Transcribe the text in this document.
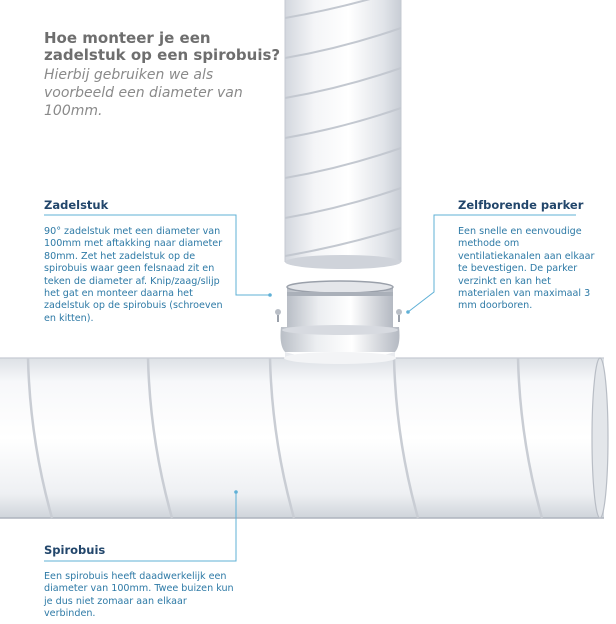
Hoe monteer je een zadelstuk op een spirobuis?
Hierbij gebruiken we als voorbeeld een diameter van 100mm.
Zadelstuk
90° zadelstuk met een diameter van 100mm met aftakking naar diameter 80mm. Zet het zadelstuk op de spirobuis waar geen felsnaad zit en teken de diameter af. Knip/zaag/slijp het gat en monteer daarna het zadelstuk op de spirobuis (schroeven en kitten).
Zelfborende parker
Een snelle en eenvoudige methode om ventilatiekanalen aan elkaar te bevestigen. De parker verzinkt en kan het materialen van maximaal 3 mm doorboren.
Spirobuis
Een spirobuis heeft daadwerkelijk een diameter van 100mm. Twee buizen kun je dus niet zomaar aan elkaar verbinden.
